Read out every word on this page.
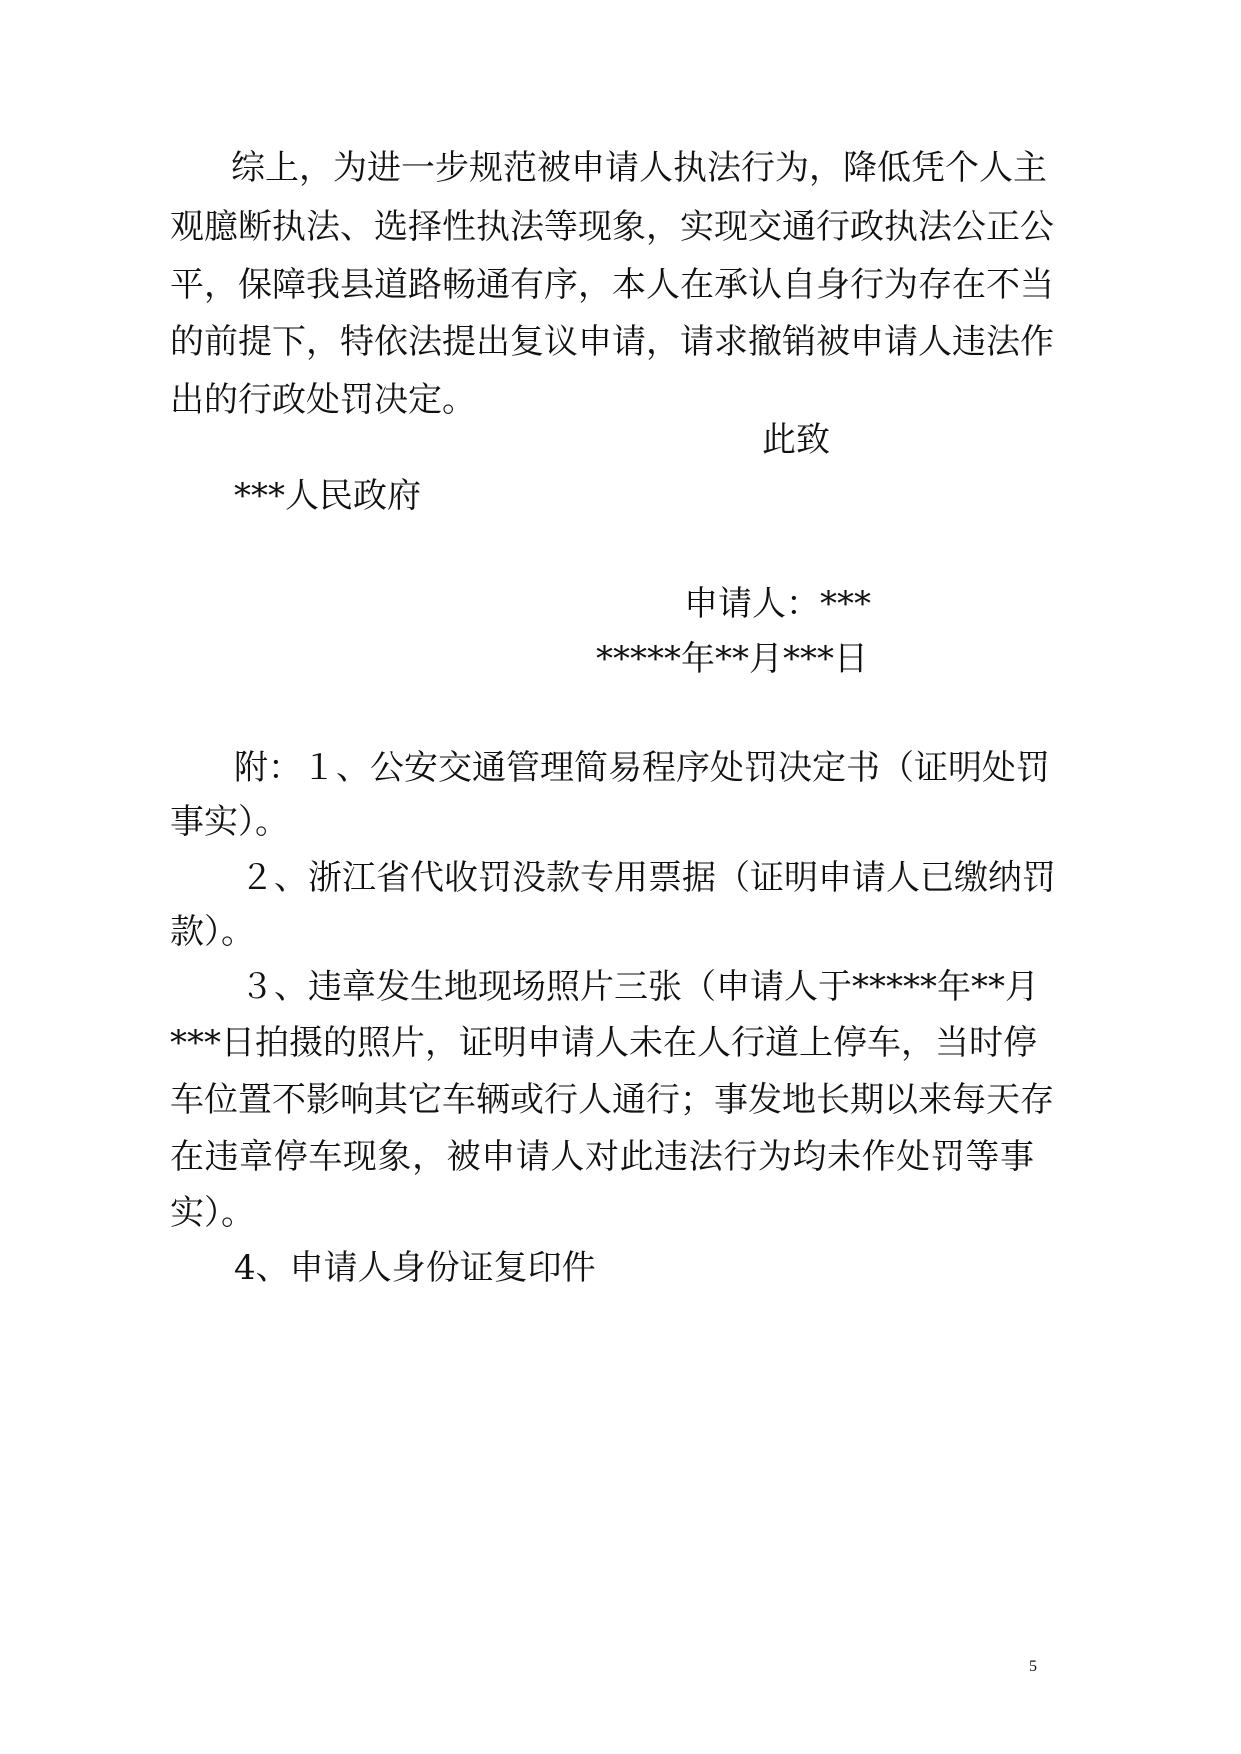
综上，为进一步规范被申请人执法行为，降低凭个人主

观臆断执法、选择性执法等现象，实现交通行政执法公正公

平，保障我县道路畅通有序，本人在承认自身行为存在不当

的前提下，特依法提出复议申请，请求撤销被申请人违法作

出的行政处罚决定。

此致

***人民政府

申请人：***

*****年**月***日

附：１、公安交通管理简易程序处罚决定书（证明处罚

事实）。

２、浙江省代收罚没款专用票据（证明申请人已缴纳罚

款）。

３、违章发生地现场照片三张（申请人于*****年**月

***日拍摄的照片，证明申请人未在人行道上停车，当时停

车位置不影响其它车辆或行人通行；事发地长期以来每天存

在违章停车现象，被申请人对此违法行为均未作处罚等事

实）。

4、申请人身份证复印件

5
